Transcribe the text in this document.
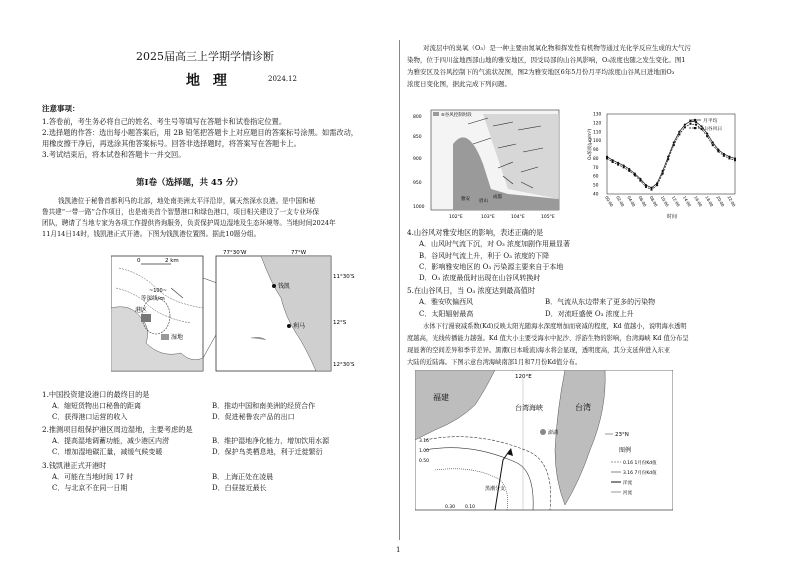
2025届高三上学期学情诊断
地 理	2024.12
注意事项：
1.答卷前，考生务必将自己的姓名、考生号等填写在答题卡和试卷指定位置。
2.选择题的作答：选出每小题答案后，用 2B 铅笔把答题卡上对应题目的答案标号涂黑。如需改动，
用橡皮擦干净后，再选涂其他答案标号。回答非选择题时，将答案写在答题卡上。
3.考试结束后，将本试卷和答题卡一并交回。
第Ⅰ卷（选择题，共 45 分）
钱凯港位于秘鲁首都利马的北部，地处南美洲太平洋沿岸，属天然深水良港。是中国和秘
鲁共建“一带一路”合作项目，也是南美首个智慧港口和绿色港口，项目相关建设了一支专业环保
团队，聘请了当地专家为各项工作提供咨询服务，负责保护周边湿地及生态环境等。当地时间2024年
11月14日14时，钱凯港正式开港。下图为钱凯港位置图。据此10题分组。
港区
湿地
0	2 km
~100~
等深线/m
钱凯
利马
77°30′W	77°W
11°30′S
12°S
12°30′S
1.中国投资建设港口的最终目的是
A．缩短货物出口秘鲁的距离	B．推动中国和南美洲的经贸合作
C．获得港口运营的收入	D．促进秘鲁农产品的出口
2.推测项目组保护港区周边湿地，主要考虑的是
A．提高湿地调蓄功能，减少港区内涝	B．维护湿地净化能力，增加饮用水源
C．增加湿地碳汇量，减缓气候变暖	D．保护鸟类栖息地，利于迁徙繁衍
3.钱凯港正式开港时
A．可能在当地时间 17 时	B．上海正处在凌晨
C．与北京不在同一日期	D．白昼接近最长
对流层中的臭氧（O₃）是一种主要由氮氧化物和挥发性有机物等通过光化学反应生成的大气污
染物，位于四川盆地西部山地的雅安地区，因受局部的山谷风影响，O₃浓度也随之发生变化。图1
为雅安区及谷风控制下的气流状况图，图2为雅安地区6年5月份月平均浓度山谷风日进地面O₃
浓度日变化图，据此完成下列问题。
≡谷风控制时段
800
850
900
950
1000
102°E	103°E	104°E	105°E
雅安 眉山
成都
O₃浓度(μg/m³)
时间
130
120
110
100
90
80
70
60
50
40 00:00 02:00 04:00 06:00 08:00 10:00 12:00 14:00 16:00 18:00 20:00 22:00
月平均
山谷风日
4.山谷风对雅安地区的影响，表述正确的是
A．山风时气流下沉，对 O₃ 浓度加剧作用最显著
B．谷风时气流上升，利于 O₃ 浓度的下降
C．影响雅安地区的 O₃ 污染源主要来自于本地
D．O₃ 浓度最低时出现在山谷风转换时
5.在山谷风日，当 O₃ 浓度达到最高值时
A．雅安吹偏西风	B．气流从东边带来了更多的污染物
C．太阳辐射最高	D．对流旺盛使 O₃ 浓度上升
水体下行漫衰减系数(Kd)反映太阳光随海水深度增加而衰减的程度，Kd 值越小，说明海水透明
度越高，光线传播能力越强。Kd 值大小主要受海水中泥沙、浮游生物的影响，台湾海峡 Kd 值分布呈
现显著的空间差异和季节差异。黑潮(日本暖流)海水将会显现，透明度高，其分支延伸进入东亚
大陆的近陆海。下图示意台湾海峡南部1月和7月份Kd值分布。
120°E
福建
台湾
台湾海峡
澎湖
黑潮分支
3.16
1.00
0.50
0.30 0.10
23°N
图例
0.16 1月份Kd值
3.16 7月份Kd值
洋流
河流
1
